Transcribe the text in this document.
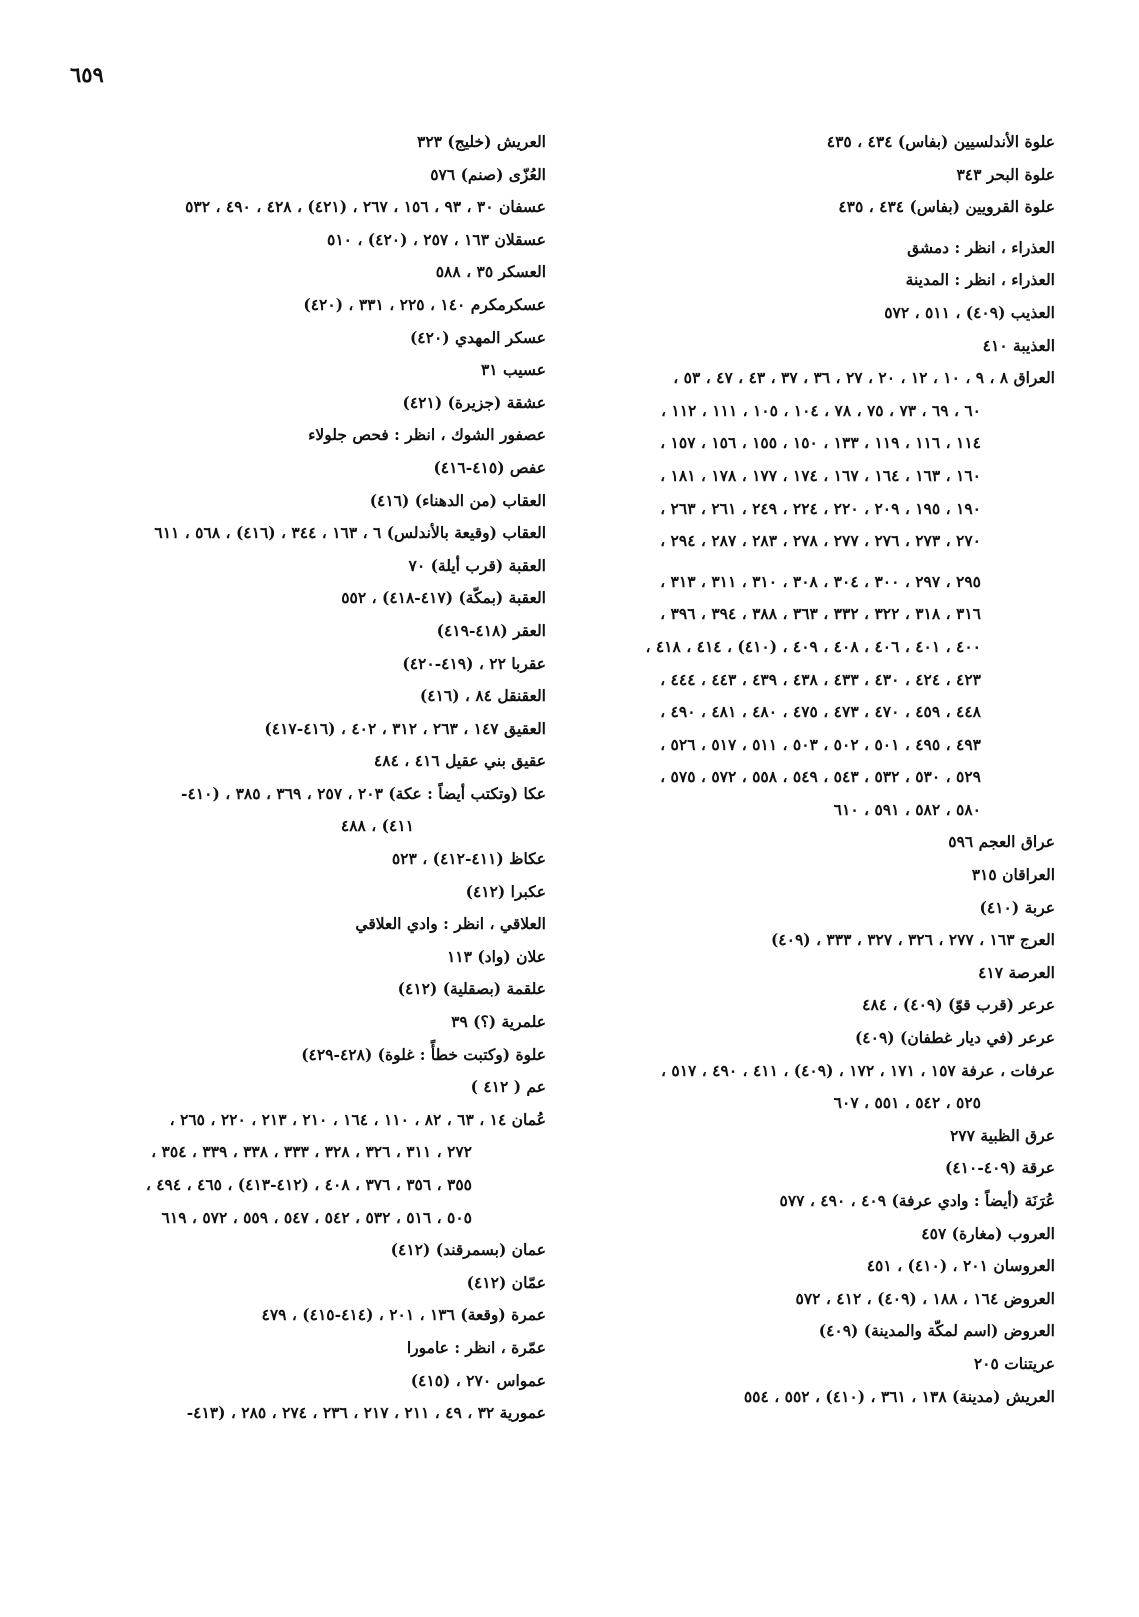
٦٥٩
علوة الأندلسيين (بفاس) ٤٣٤ ، ٤٣٥
علوة البحر ٣٤٣
علوة القرويين (بفاس) ٤٣٤ ، ٤٣٥
العذراء ، انظر : دمشق
العذراء ، انظر : المدينة
العذيب (٤٠٩) ، ٥١١ ، ٥٧٢
العذيبة ٤١٠
العراق ٨ ، ٩ ، ١٠ ، ١٢ ، ٢٠ ، ٢٧ ، ٣٦ ، ٣٧ ، ٤٣ ، ٤٧ ، ٥٣ ،
٦٠ ، ٦٩ ، ٧٣ ، ٧٥ ، ٧٨ ، ١٠٤ ، ١٠٥ ، ١١١ ، ١١٢ ،
١١٤ ، ١١٦ ، ١١٩ ، ١٣٣ ، ١٥٠ ، ١٥٥ ، ١٥٦ ، ١٥٧ ،
١٦٠ ، ١٦٣ ، ١٦٤ ، ١٦٧ ، ١٧٤ ، ١٧٧ ، ١٧٨ ، ١٨١ ،
١٩٠ ، ١٩٥ ، ٢٠٩ ، ٢٢٠ ، ٢٢٤ ، ٢٤٩ ، ٢٦١ ، ٢٦٣ ،
٢٧٠ ، ٢٧٣ ، ٢٧٦ ، ٢٧٧ ، ٢٧٨ ، ٢٨٣ ، ٢٨٧ ، ٢٩٤ ،
٢٩٥ ، ٢٩٧ ، ٣٠٠ ، ٣٠٤ ، ٣٠٨ ، ٣١٠ ، ٣١١ ، ٣١٣ ،
٣١٦ ، ٣١٨ ، ٣٢٢ ، ٣٣٢ ، ٣٦٣ ، ٣٨٨ ، ٣٩٤ ، ٣٩٦ ،
٤٠٠ ، ٤٠١ ، ٤٠٦ ، ٤٠٨ ، ٤٠٩ ، (٤١٠) ، ٤١٤ ، ٤١٨ ،
٤٢٣ ، ٤٢٤ ، ٤٣٠ ، ٤٣٣ ، ٤٣٨ ، ٤٣٩ ، ٤٤٣ ، ٤٤٤ ،
٤٤٨ ، ٤٥٩ ، ٤٧٠ ، ٤٧٣ ، ٤٧٥ ، ٤٨٠ ، ٤٨١ ، ٤٩٠ ،
٤٩٣ ، ٤٩٥ ، ٥٠١ ، ٥٠٢ ، ٥٠٣ ، ٥١١ ، ٥١٧ ، ٥٢٦ ،
٥٢٩ ، ٥٣٠ ، ٥٣٢ ، ٥٤٣ ، ٥٤٩ ، ٥٥٨ ، ٥٧٢ ، ٥٧٥ ،
٥٨٠ ، ٥٨٢ ، ٥٩١ ، ٦١٠
عراق العجم ٥٩٦
العراقان ٣١٥
عربة (٤١٠)
العرج ١٦٣ ، ٢٧٧ ، ٣٢٦ ، ٣٢٧ ، ٣٣٣ ، (٤٠٩)
العرصة ٤١٧
عرعر (قرب قوّ) (٤٠٩) ، ٤٨٤
عرعر (في ديار غطفان) (٤٠٩)
عرفات ، عرفة ١٥٧ ، ١٧١ ، ١٧٢ ، (٤٠٩) ، ٤١١ ، ٤٩٠ ، ٥١٧ ،
٥٢٥ ، ٥٤٢ ، ٥٥١ ، ٦٠٧
عرق الظبية ٢٧٧
عرقة (٤٠٩-٤١٠)
عُرَنَة (أيضاً : وادي عرفة) ٤٠٩ ، ٤٩٠ ، ٥٧٧
العروب (مغارة) ٤٥٧
العروسان ٢٠١ ، (٤١٠) ، ٤٥١
العروض ١٦٤ ، ١٨٨ ، (٤٠٩) ، ٤١٢ ، ٥٧٢
العروض (اسم لمكّة والمدينة) (٤٠٩)
عريتنات ٢٠٥
العريش (مدينة) ١٣٨ ، ٣٦١ ، (٤١٠) ، ٥٥٢ ، ٥٥٤
العريش (خليج) ٣٢٣
العُزّى (صنم) ٥٧٦
عسفان ٣٠ ، ٩٣ ، ١٥٦ ، ٢٦٧ ، (٤٢١) ، ٤٢٨ ، ٤٩٠ ، ٥٣٢
عسقلان ١٦٣ ، ٢٥٧ ، (٤٢٠) ، ٥١٠
العسكر ٣٥ ، ٥٨٨
عسكرمكرم ١٤٠ ، ٢٢٥ ، ٣٣١ ، (٤٢٠)
عسكر المهدي (٤٢٠)
عسيب ٣١
عشقة (جزيرة) (٤٢١)
عصفور الشوك ، انظر : فحص جلولاء
عفص (٤١٥-٤١٦)
العقاب (من الدهناء) (٤١٦)
العقاب (وقيعة بالأندلس) ٦ ، ١٦٣ ، ٣٤٤ ، (٤١٦) ، ٥٦٨ ، ٦١١
العقبة (قرب أيلة) ٧٠
العقبة (بمكّة) (٤١٧-٤١٨) ، ٥٥٢
العقر (٤١٨-٤١٩)
عقربا ٢٢ ، (٤١٩-٤٢٠)
العقنقل ٨٤ ، (٤١٦)
العقيق ١٤٧ ، ٢٦٣ ، ٣١٢ ، ٤٠٢ ، (٤١٦-٤١٧)
عقيق بني عقيل ٤١٦ ، ٤٨٤
عكا (وتكتب أيضاً : عكة) ٢٠٣ ، ٢٥٧ ، ٣٦٩ ، ٣٨٥ ، (٤١٠-
٤١١) ، ٤٨٨
عكاظ (٤١١-٤١٢) ، ٥٢٣
عكبرا (٤١٢)
العلاقي ، انظر : وادي العلاقي
علان (واد) ١١٣
علقمة (بصقلية) (٤١٢)
علمرية (؟) ٣٩
علوة (وكتبت خطأً : غلوة) (٤٢٨-٤٢٩)
عم ( ٤١٢ )
عُمان ١٤ ، ٦٣ ، ٨٢ ، ١١٠ ، ١٦٤ ، ٢١٠ ، ٢١٣ ، ٢٢٠ ، ٢٦٥ ،
٢٧٢ ، ٣١١ ، ٣٢٦ ، ٣٢٨ ، ٣٣٣ ، ٣٣٨ ، ٣٣٩ ، ٣٥٤ ،
٣٥٥ ، ٣٥٦ ، ٣٧٦ ، ٤٠٨ ، (٤١٢-٤١٣) ، ٤٦٥ ، ٤٩٤ ،
٥٠٥ ، ٥١٦ ، ٥٣٢ ، ٥٤٢ ، ٥٤٧ ، ٥٥٩ ، ٥٧٢ ، ٦١٩
عمان (بسمرقند) (٤١٢)
عمّان (٤١٢)
عمرة (وقعة) ١٣٦ ، ٢٠١ ، (٤١٤-٤١٥) ، ٤٧٩
عمّرة ، انظر : عامورا
عمواس ٢٧٠ ، (٤١٥)
عمورية ٣٢ ، ٤٩ ، ٢١١ ، ٢١٧ ، ٢٣٦ ، ٢٧٤ ، ٢٨٥ ، (٤١٣-
